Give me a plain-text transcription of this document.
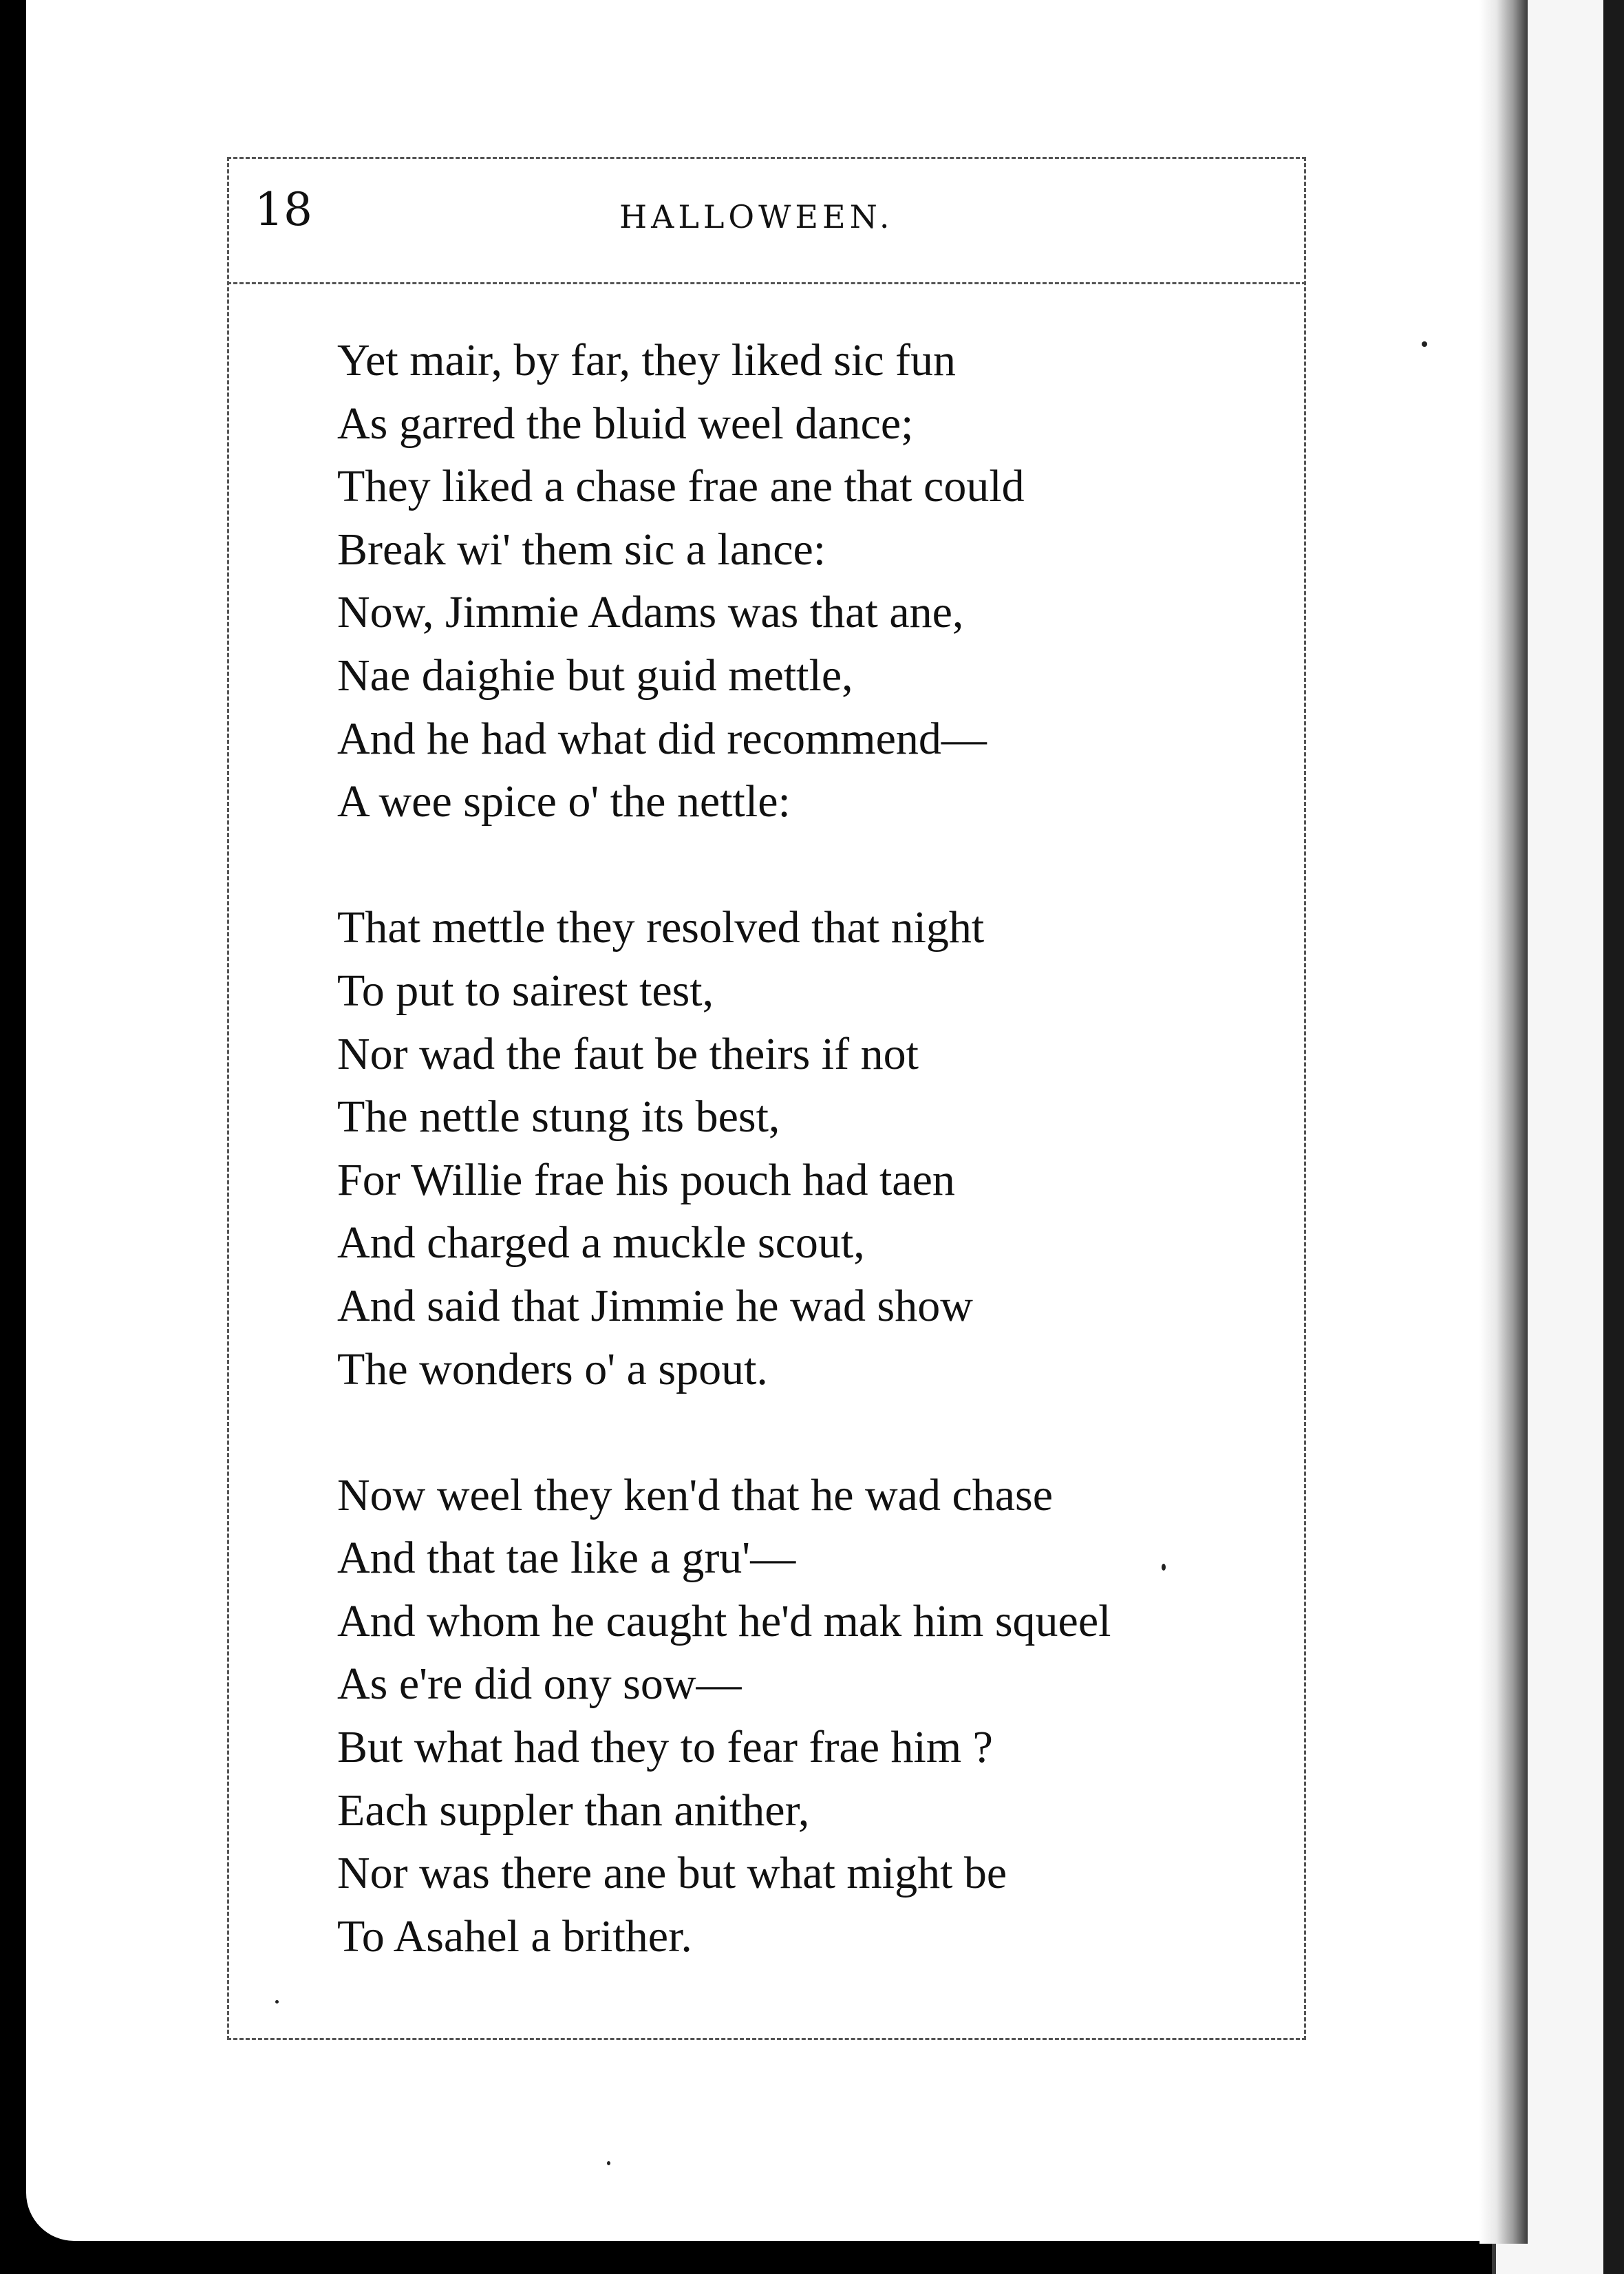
18	HALLOWEEN.
Yet mair, by far, they liked sic fun
As garred the bluid weel dance;
They liked a chase frae ane that could
Break wi' them sic a lance:
Now, Jimmie Adams was that ane,
Nae daighie but guid mettle,
And he had what did recommend—
A wee spice o' the nettle:
That mettle they resolved that night
To put to sairest test,
Nor wad the faut be theirs if not
The nettle stung its best,
For Willie frae his pouch had taen
And charged a muckle scout,
And said that Jimmie he wad show
The wonders o' a spout.
Now weel they ken'd that he wad chase
And that tae like a gru'—
And whom he caught he'd mak him squeel
As e're did ony sow—
But what had they to fear frae him ?
Each suppler than anither,
Nor was there ane but what might be
To Asahel a brither.
